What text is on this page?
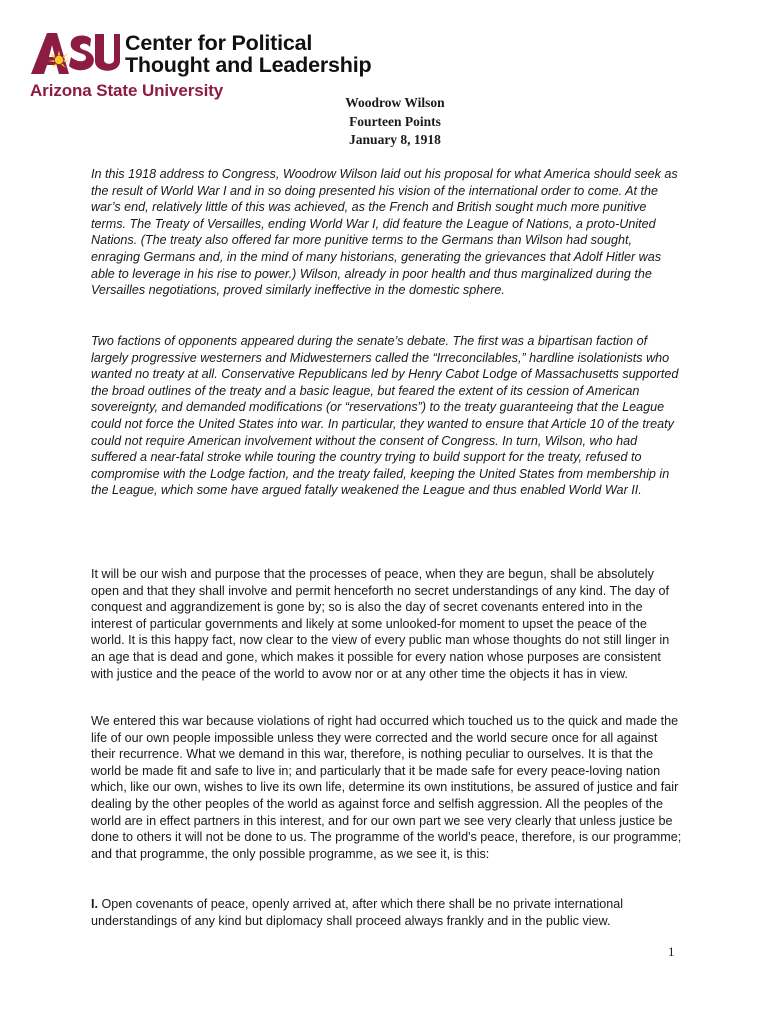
Center for Political
Thought and Leadership
Arizona State University
Woodrow Wilson
Fourteen Points
January 8, 1918

In this 1918 address to Congress, Woodrow Wilson laid out his proposal for what America should seek as the result of World War I and in so doing presented his vision of the international order to come. At the war’s end, relatively little of this was achieved, as the French and British sought much more punitive terms. The Treaty of Versailles, ending World War I, did feature the League of Nations, a proto-United Nations. (The treaty also offered far more punitive terms to the Germans than Wilson had sought, enraging Germans and, in the mind of many historians, generating the grievances that Adolf Hitler was able to leverage in his rise to power.) Wilson, already in poor health and thus marginalized during the Versailles negotiations, proved similarly ineffective in the domestic sphere.

Two factions of opponents appeared during the senate’s debate. The first was a bipartisan faction of largely progressive westerners and Midwesterners called the “Irreconcilables,” hardline isolationists who wanted no treaty at all. Conservative Republicans led by Henry Cabot Lodge of Massachusetts supported the broad outlines of the treaty and a basic league, but feared the extent of its cession of American sovereignty, and demanded modifications (or “reservations”) to the treaty guaranteeing that the League could not force the United States into war. In particular, they wanted to ensure that Article 10 of the treaty could not require American involvement without the consent of Congress. In turn, Wilson, who had suffered a near-fatal stroke while touring the country trying to build support for the treaty, refused to compromise with the Lodge faction, and the treaty failed, keeping the United States from membership in the League, which some have argued fatally weakened the League and thus enabled World War II.

It will be our wish and purpose that the processes of peace, when they are begun, shall be absolutely open and that they shall involve and permit henceforth no secret understandings of any kind. The day of conquest and aggrandizement is gone by; so is also the day of secret covenants entered into in the interest of particular governments and likely at some unlooked-for moment to upset the peace of the world. It is this happy fact, now clear to the view of every public man whose thoughts do not still linger in an age that is dead and gone, which makes it possible for every nation whose purposes are consistent with justice and the peace of the world to avow nor or at any other time the objects it has in view.

We entered this war because violations of right had occurred which touched us to the quick and made the life of our own people impossible unless they were corrected and the world secure once for all against their recurrence. What we demand in this war, therefore, is nothing peculiar to ourselves. It is that the world be made fit and safe to live in; and particularly that it be made safe for every peace-loving nation which, like our own, wishes to live its own life, determine its own institutions, be assured of justice and fair dealing by the other peoples of the world as against force and selfish aggression. All the peoples of the world are in effect partners in this interest, and for our own part we see very clearly that unless justice be done to others it will not be done to us. The programme of the world's peace, therefore, is our programme; and that programme, the only possible programme, as we see it, is this:

I. Open covenants of peace, openly arrived at, after which there shall be no private international understandings of any kind but diplomacy shall proceed always frankly and in the public view.

1
